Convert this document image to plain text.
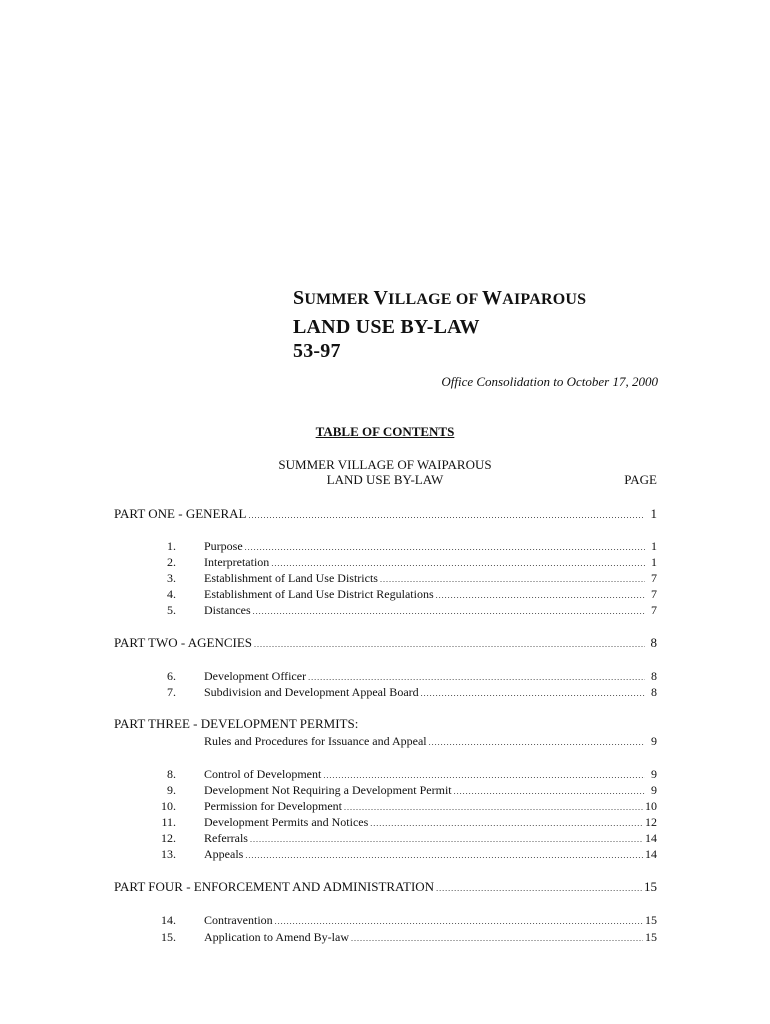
SUMMER VILLAGE OF WAIPAROUS
LAND USE BY-LAW
53-97
Office Consolidation to October 17, 2000
TABLE OF CONTENTS
SUMMER VILLAGE OF WAIPAROUS
LAND USE BY-LAW	PAGE
PART ONE - GENERAL .....	1
1. Purpose .....	1
2. Interpretation .....	1
3. Establishment of Land Use Districts .....	7
4. Establishment of Land Use District Regulations .....	7
5. Distances .....	7
PART TWO - AGENCIES .....	8
6. Development Officer .....	8
7. Subdivision and Development Appeal Board .....	8
PART THREE - DEVELOPMENT PERMITS:
Rules and Procedures for Issuance and Appeal .....	9
8. Control of Development .....	9
9. Development Not Requiring a Development Permit .....	9
10. Permission for Development .....	10
11. Development Permits and Notices .....	12
12. Referrals .....	14
13. Appeals .....	14
PART FOUR - ENFORCEMENT AND ADMINISTRATION .....	15
14. Contravention .....	15
15. Application to Amend By-law .....	15
